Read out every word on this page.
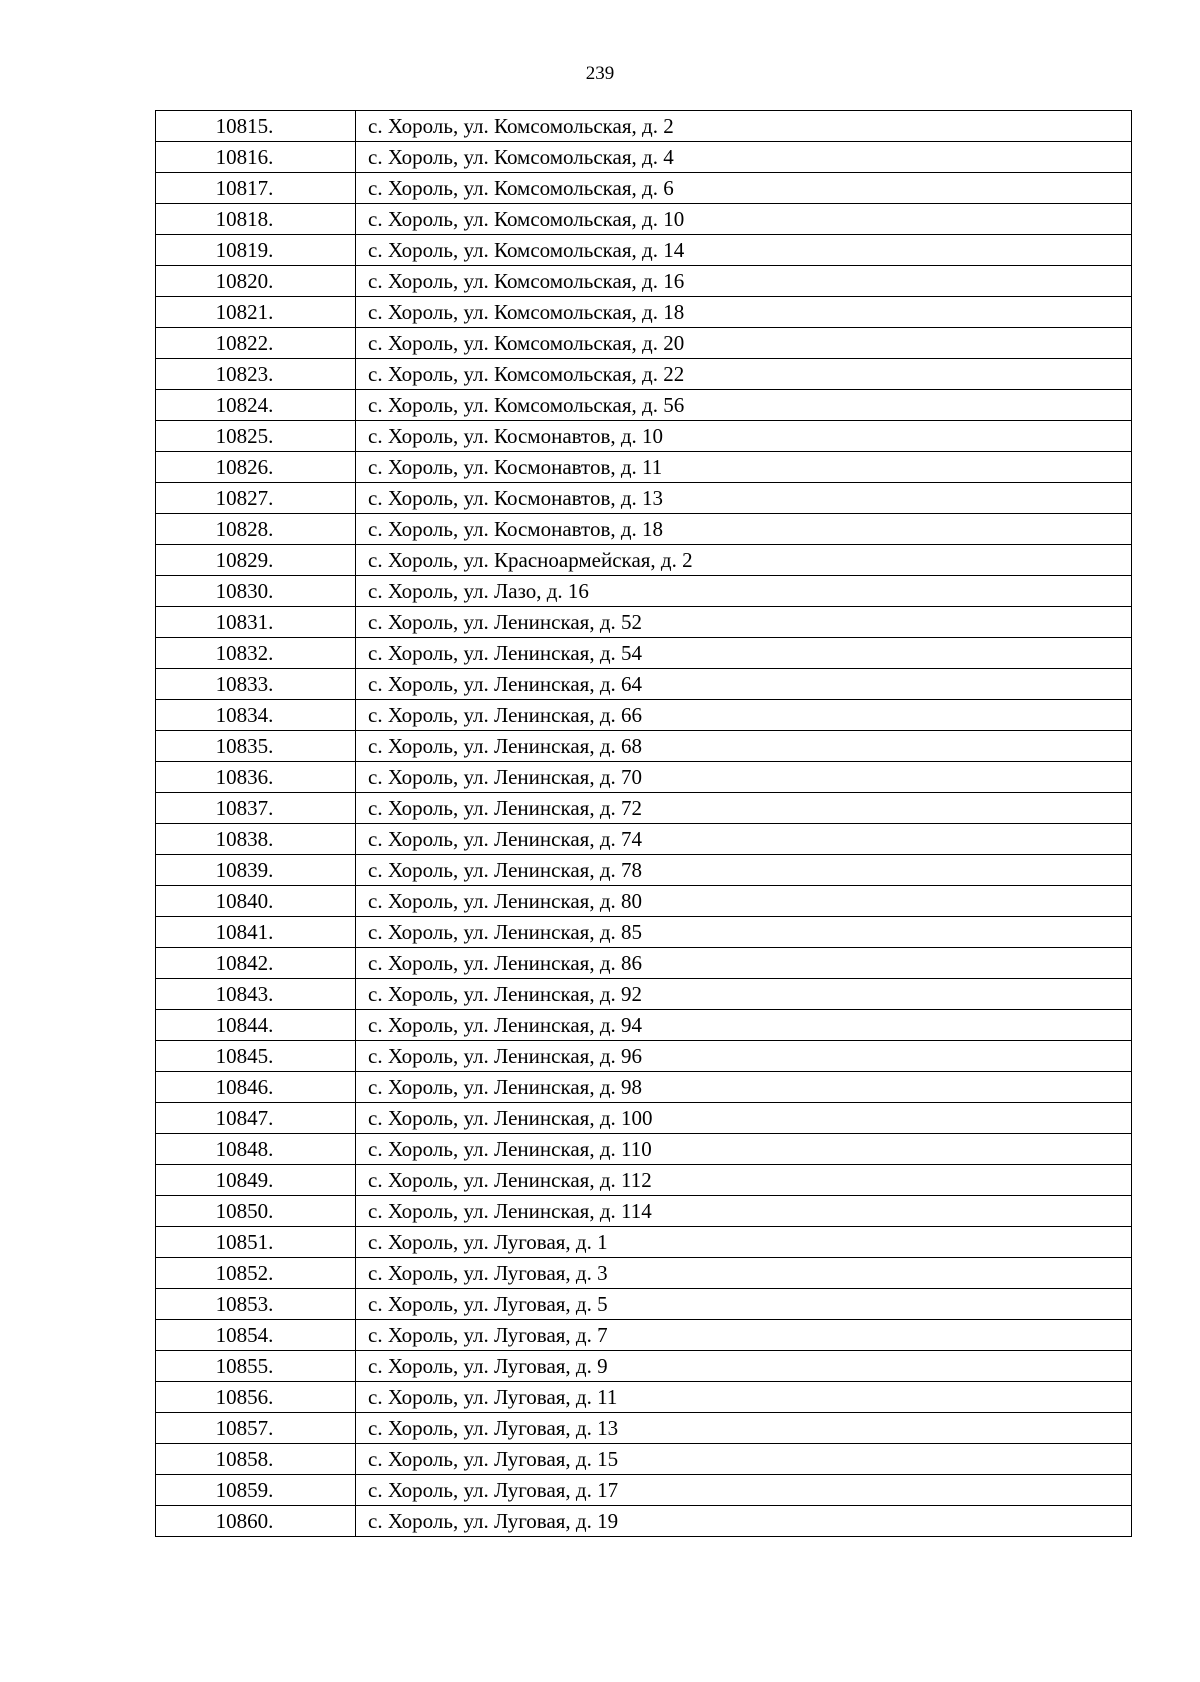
239
10815.	с. Хороль, ул. Комсомольская, д. 2
10816.	с. Хороль, ул. Комсомольская, д. 4
10817.	с. Хороль, ул. Комсомольская, д. 6
10818.	с. Хороль, ул. Комсомольская, д. 10
10819.	с. Хороль, ул. Комсомольская, д. 14
10820.	с. Хороль, ул. Комсомольская, д. 16
10821.	с. Хороль, ул. Комсомольская, д. 18
10822.	с. Хороль, ул. Комсомольская, д. 20
10823.	с. Хороль, ул. Комсомольская, д. 22
10824.	с. Хороль, ул. Комсомольская, д. 56
10825.	с. Хороль, ул. Космонавтов, д. 10
10826.	с. Хороль, ул. Космонавтов, д. 11
10827.	с. Хороль, ул. Космонавтов, д. 13
10828.	с. Хороль, ул. Космонавтов, д. 18
10829.	с. Хороль, ул. Красноармейская, д. 2
10830.	с. Хороль, ул. Лазо, д. 16
10831.	с. Хороль, ул. Ленинская, д. 52
10832.	с. Хороль, ул. Ленинская, д. 54
10833.	с. Хороль, ул. Ленинская, д. 64
10834.	с. Хороль, ул. Ленинская, д. 66
10835.	с. Хороль, ул. Ленинская, д. 68
10836.	с. Хороль, ул. Ленинская, д. 70
10837.	с. Хороль, ул. Ленинская, д. 72
10838.	с. Хороль, ул. Ленинская, д. 74
10839.	с. Хороль, ул. Ленинская, д. 78
10840.	с. Хороль, ул. Ленинская, д. 80
10841.	с. Хороль, ул. Ленинская, д. 85
10842.	с. Хороль, ул. Ленинская, д. 86
10843.	с. Хороль, ул. Ленинская, д. 92
10844.	с. Хороль, ул. Ленинская, д. 94
10845.	с. Хороль, ул. Ленинская, д. 96
10846.	с. Хороль, ул. Ленинская, д. 98
10847.	с. Хороль, ул. Ленинская, д. 100
10848.	с. Хороль, ул. Ленинская, д. 110
10849.	с. Хороль, ул. Ленинская, д. 112
10850.	с. Хороль, ул. Ленинская, д. 114
10851.	с. Хороль, ул. Луговая, д. 1
10852.	с. Хороль, ул. Луговая, д. 3
10853.	с. Хороль, ул. Луговая, д. 5
10854.	с. Хороль, ул. Луговая, д. 7
10855.	с. Хороль, ул. Луговая, д. 9
10856.	с. Хороль, ул. Луговая, д. 11
10857.	с. Хороль, ул. Луговая, д. 13
10858.	с. Хороль, ул. Луговая, д. 15
10859.	с. Хороль, ул. Луговая, д. 17
10860.	с. Хороль, ул. Луговая, д. 19
